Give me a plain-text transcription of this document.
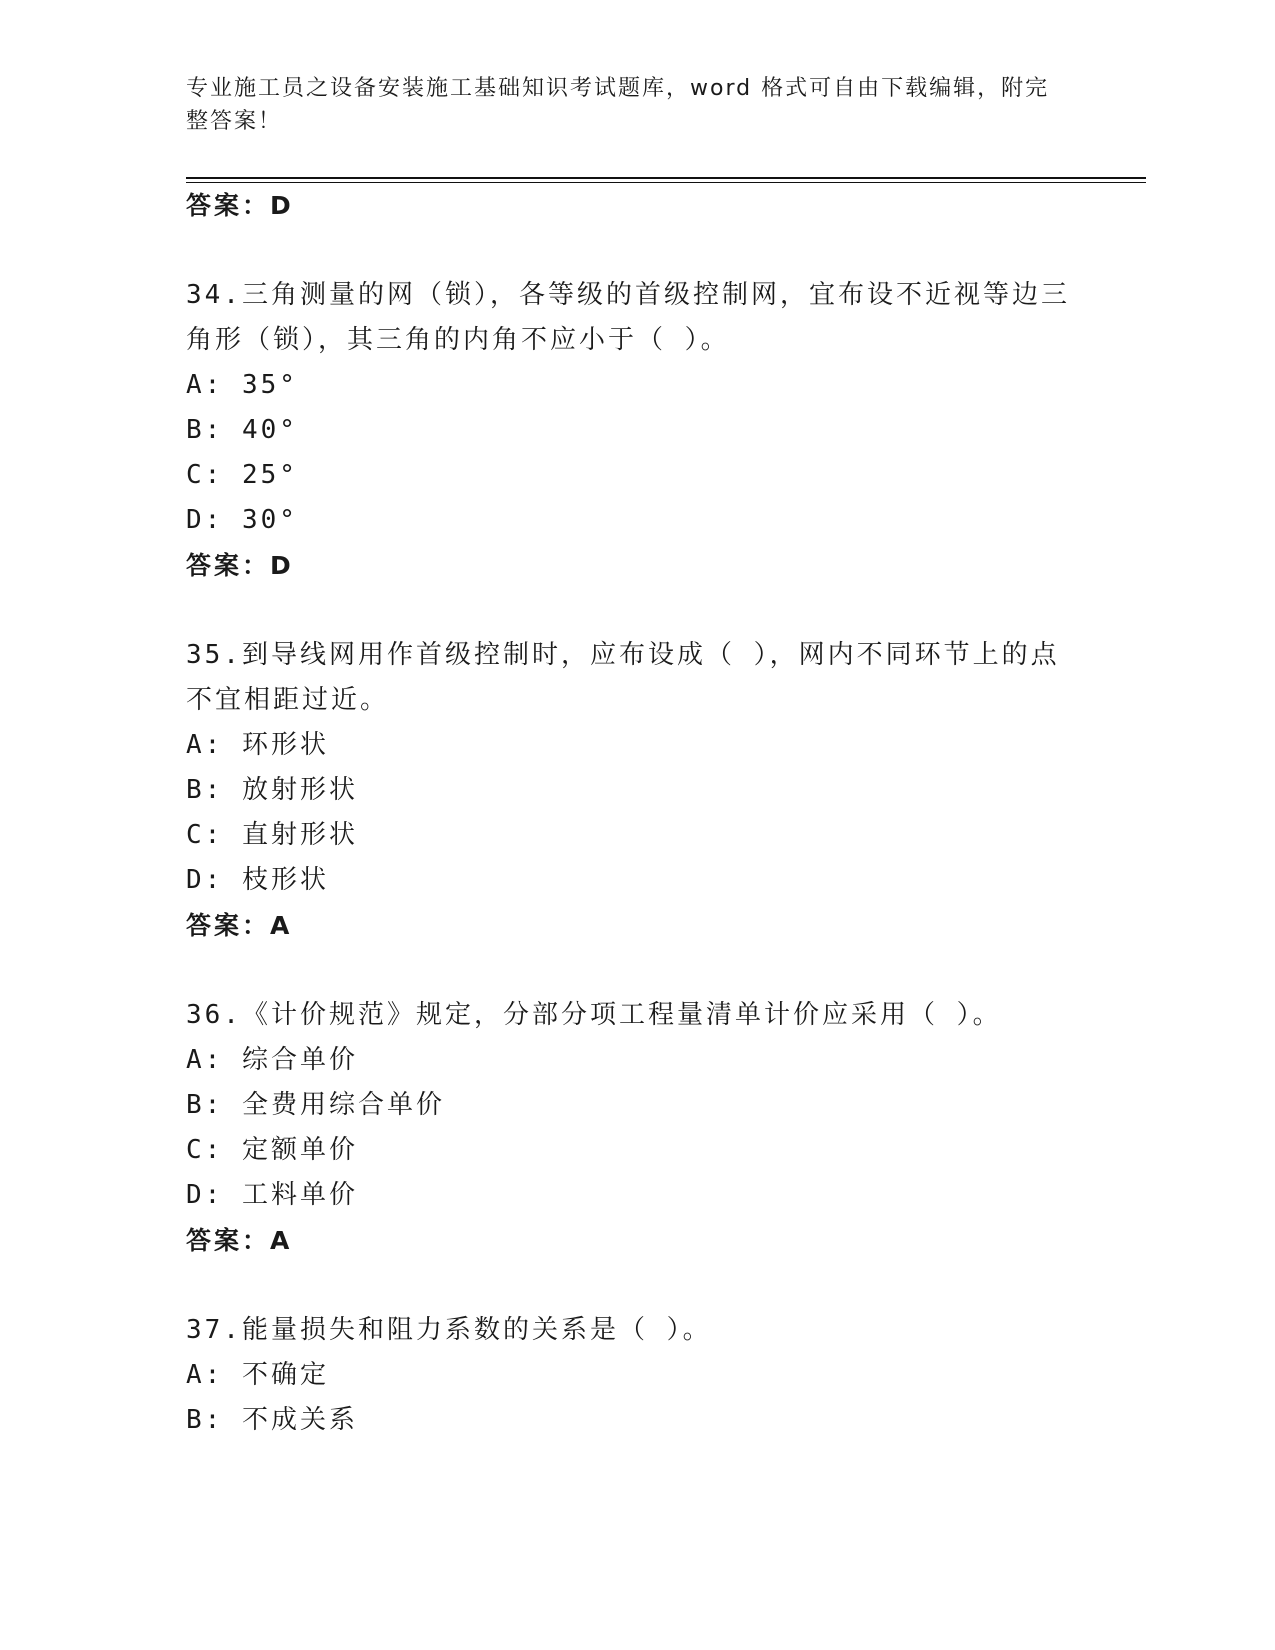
专业施工员之设备安装施工基础知识考试题库，word 格式可自由下载编辑，附完整答案！
答案：D
34.三角测量的网（锁），各等级的首级控制网，宜布设不近视等边三角形（锁），其三角的内角不应小于（ ）。
A: 35°
B: 40°
C: 25°
D: 30°
答案：D
35.到导线网用作首级控制时，应布设成（ ），网内不同环节上的点不宜相距过近。
A: 环形状
B: 放射形状
C: 直射形状
D: 枝形状
答案：A
36.《计价规范》规定，分部分项工程量清单计价应采用（ ）。
A: 综合单价
B: 全费用综合单价
C: 定额单价
D: 工料单价
答案：A
37.能量损失和阻力系数的关系是（ ）。
A: 不确定
B: 不成关系
